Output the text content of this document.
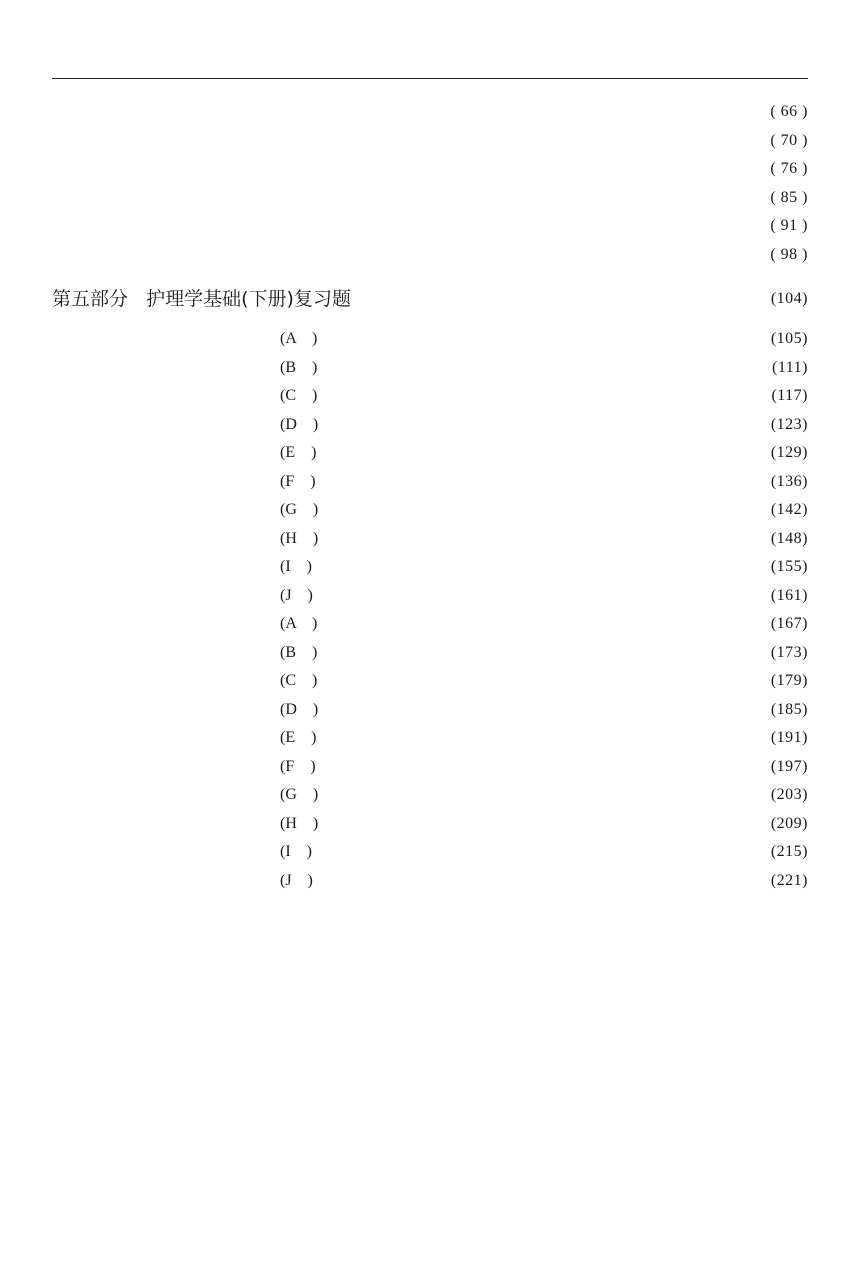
( 66 )
( 70 )
( 76 )
( 85 )
( 91 )
( 98 )
第五部分   护理学基础(下册)复习题	(104)
(A    )	(105)
(B    )	(111)
(C    )	(117)
(D    )	(123)
(E    )	(129)
(F    )	(136)
(G    )	(142)
(H    )	(148)
(I    )	(155)
(J    )	(161)
(A    )	(167)
(B    )	(173)
(C    )	(179)
(D    )	(185)
(E    )	(191)
(F    )	(197)
(G    )	(203)
(H    )	(209)
(I    )	(215)
(J    )	(221)
